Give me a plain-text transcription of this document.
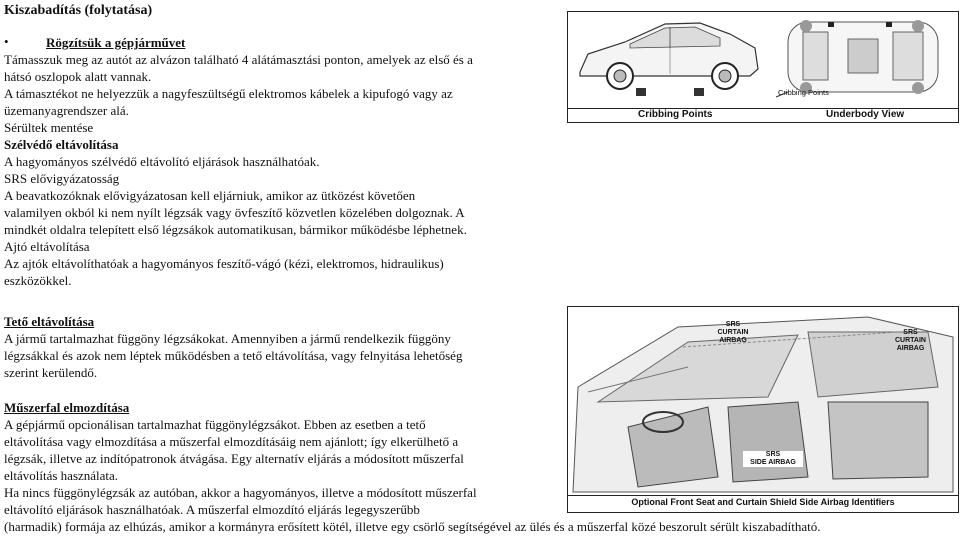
Kiszabadítás (folytatása)
•	Rögzítsük a gépjárművet
Támasszuk meg az autót az alvázon található 4 alátámasztási ponton, amelyek az első és a
hátsó oszlopok alatt vannak.
A támasztékot ne helyezzük a nagyfeszültségű elektromos kábelek a kipufogó vagy az
üzemanyagrendszer alá.
Sérültek mentése
Szélvédő eltávolítása
A hagyományos szélvédő eltávolító eljárások használhatóak.
SRS elővigyázatosság
A beavatkozóknak elővigyázatosan kell eljárniuk, amikor az ütközést követően
valamilyen okból ki nem nyílt légzsák vagy övfeszítő közvetlen közelében dolgoznak. A
mindkét oldalra telepített első légzsákok automatikusan, bármikor működésbe léphetnek.
Ajtó eltávolítása
Az ajtók eltávolíthatóak a hagyományos feszítő-vágó (kézi, elektromos, hidraulikus)
eszközökkel.
Tető eltávolítása
A jármű tartalmazhat függöny légzsákokat. Amennyiben a jármű rendelkezik függöny
légzsákkal és azok nem léptek működésben a tető eltávolítása, vagy felnyitása lehetőség
szerint kerülendő.
Műszerfal elmozdítása
A gépjármű opcionálisan tartalmazhat függönylégzsákot. Ebben az esetben a tető
eltávolítása vagy elmozdítása a műszerfal elmozdításáig nem ajánlott; így elkerülhető a
légzsák, illetve az indítópatronok átvágása. Egy alternatív eljárás a módosított műszerfal
eltávolítás használata.
Ha nincs függönylégzsák az autóban, akkor a hagyományos, illetve a módosított műszerfal
eltávolító eljárások használhatóak. A műszerfal elmozdító eljárás legegyszerűbb
(harmadik) formája az elhúzás, amikor a kormányra erősített kötél, illetve egy csörlő segítségével az ülés és a műszerfal közé beszorult sérült kiszabadítható.
Cribbing Points
Cribbing Points	Underbody View
SRS
CURTAIN
AIRBAG
SRS
CURTAIN
AIRBAG
SRS
SIDE AIRBAG
Optional Front Seat and Curtain Shield Side Airbag Identifiers
